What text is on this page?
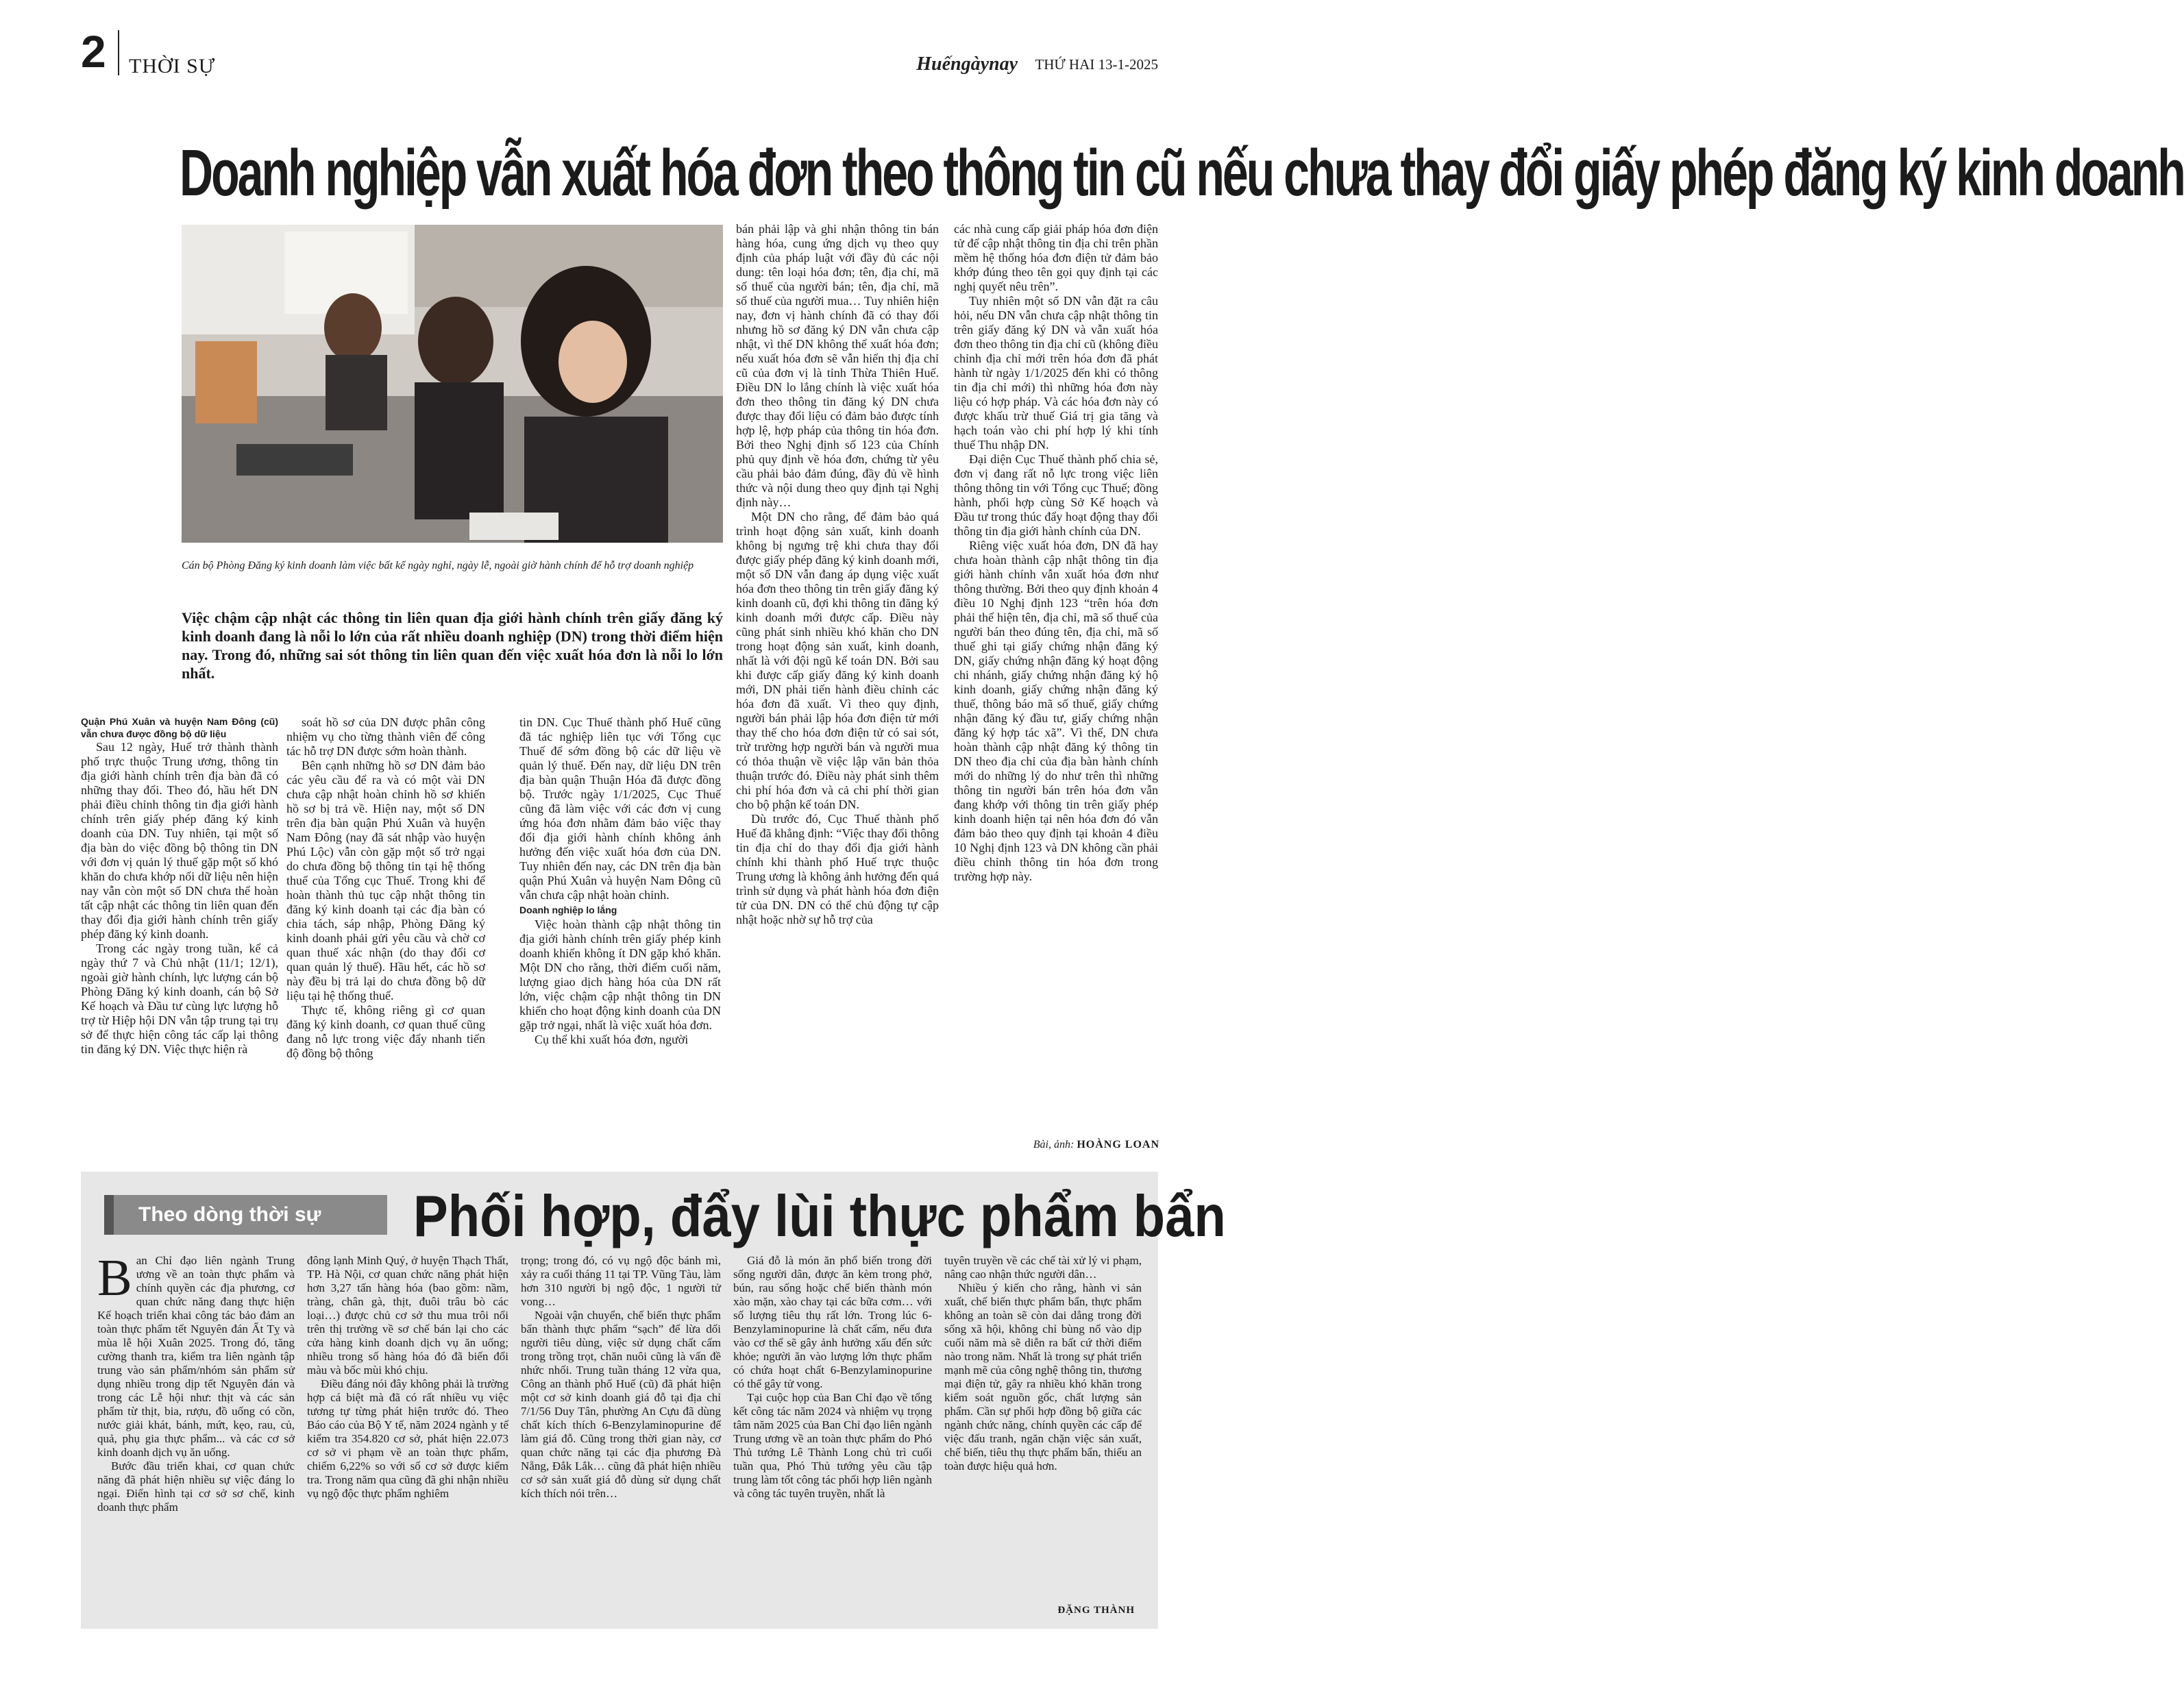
2 THỜI SỰ	Huếngàynay THỨ HAI 13-1-2025
Doanh nghiệp vẫn xuất hóa đơn theo thông tin cũ nếu chưa thay đổi giấy phép đăng ký kinh doanh
Cán bộ Phòng Đăng ký kinh doanh làm việc bất kể ngày nghỉ, ngày lễ, ngoài giờ hành chính để hỗ trợ doanh nghiệp
Việc chậm cập nhật các thông tin liên quan địa giới hành chính trên giấy đăng ký kinh doanh đang là nỗi lo lớn của rất nhiều doanh nghiệp (DN) trong thời điểm hiện nay. Trong đó, những sai sót thông tin liên quan đến việc xuất hóa đơn là nỗi lo lớn nhất.

Quận Phú Xuân và huyện Nam Đông (cũ) vẫn chưa được đồng bộ dữ liệu

Sau 12 ngày, Huế trở thành thành phố trực thuộc Trung ương, thông tin địa giới hành chính trên địa bàn đã có những thay đổi. Theo đó, hầu hết DN phải điều chỉnh thông tin địa giới hành chính trên giấy phép đăng ký kinh doanh của DN. Tuy nhiên, tại một số địa bàn do việc đồng bộ thông tin DN với đơn vị quản lý thuế gặp một số khó khăn do chưa khớp nối dữ liệu nên hiện nay vẫn còn một số DN chưa thể hoàn tất cập nhật các thông tin liên quan đến thay đổi địa giới hành chính trên giấy phép đăng ký kinh doanh.

Trong các ngày trong tuần, kể cả ngày thứ 7 và Chủ nhật (11/1; 12/1), ngoài giờ hành chính, lực lượng cán bộ Phòng Đăng ký kinh doanh, cán bộ Sở Kế hoạch và Đầu tư cùng lực lượng hỗ trợ từ Hiệp hội DN vẫn tập trung tại trụ sở để thực hiện công tác cấp lại thông tin đăng ký DN. Việc thực hiện rà

soát hồ sơ của DN được phân công nhiệm vụ cho từng thành viên để công tác hỗ trợ DN được sớm hoàn thành.

Bên cạnh những hồ sơ DN đảm bảo các yêu cầu để ra và có một vài DN chưa cập nhật hoàn chỉnh hồ sơ khiến hồ sơ bị trả về. Hiện nay, một số DN trên địa bàn quận Phú Xuân và huyện Nam Đông (nay đã sát nhập vào huyện Phú Lộc) vẫn còn gặp một số trở ngại do chưa đồng bộ thông tin tại hệ thống thuế của Tổng cục Thuế. Trong khi để hoàn thành thủ tục cập nhật thông tin đăng ký kinh doanh tại các địa bàn có chia tách, sáp nhập, Phòng Đăng ký kinh doanh phải gửi yêu cầu và chờ cơ quan thuế xác nhận (do thay đổi cơ quan quản lý thuế). Hầu hết, các hồ sơ này đều bị trả lại do chưa đồng bộ dữ liệu tại hệ thống thuế.

Thực tế, không riêng gì cơ quan đăng ký kinh doanh, cơ quan thuế cũng đang nỗ lực trong việc đẩy nhanh tiến độ đồng bộ thông

tin DN. Cục Thuế thành phố Huế cũng đã tác nghiệp liên tục với Tổng cục Thuế để sớm đồng bộ các dữ liệu về quản lý thuế. Đến nay, dữ liệu DN trên địa bàn quận Thuận Hóa đã được đồng bộ. Trước ngày 1/1/2025, Cục Thuế cũng đã làm việc với các đơn vị cung ứng hóa đơn nhằm đảm bảo việc thay đổi địa giới hành chính không ảnh hưởng đến việc xuất hóa đơn của DN. Tuy nhiên đến nay, các DN trên địa bàn quận Phú Xuân và huyện Nam Đông cũ vẫn chưa cập nhật hoàn chỉnh.

Doanh nghiệp lo lắng

Việc hoàn thành cập nhật thông tin địa giới hành chính trên giấy phép kinh doanh khiến không ít DN gặp khó khăn. Một DN cho rằng, thời điểm cuối năm, lượng giao dịch hàng hóa của DN rất lớn, việc chậm cập nhật thông tin DN khiến cho hoạt động kinh doanh của DN gặp trở ngại, nhất là việc xuất hóa đơn.

Cụ thể khi xuất hóa đơn, người

bán phải lập và ghi nhận thông tin bán hàng hóa, cung ứng dịch vụ theo quy định của pháp luật với đầy đủ các nội dung: tên loại hóa đơn; tên, địa chỉ, mã số thuế của người bán; tên, địa chỉ, mã số thuế của người mua… Tuy nhiên hiện nay, đơn vị hành chính đã có thay đổi nhưng hồ sơ đăng ký DN vẫn chưa cập nhật, vì thế DN không thể xuất hóa đơn; nếu xuất hóa đơn sẽ vẫn hiển thị địa chỉ cũ của đơn vị là tỉnh Thừa Thiên Huế. Điều DN lo lắng chính là việc xuất hóa đơn theo thông tin đăng ký DN chưa được thay đổi liệu có đảm bảo được tính hợp lệ, hợp pháp của thông tin hóa đơn. Bởi theo Nghị định số 123 của Chính phủ quy định về hóa đơn, chứng từ yêu cầu phải bảo đảm đúng, đầy đủ về hình thức và nội dung theo quy định tại Nghị định này…

Một DN cho rằng, để đảm bảo quá trình hoạt động sản xuất, kinh doanh không bị ngưng trệ khi chưa thay đổi được giấy phép đăng ký kinh doanh mới, một số DN vẫn đang áp dụng việc xuất hóa đơn theo thông tin trên giấy đăng ký kinh doanh cũ, đợi khi thông tin đăng ký kinh doanh mới được cấp. Điều này cũng phát sinh nhiều khó khăn cho DN trong hoạt động sản xuất, kinh doanh, nhất là với đội ngũ kế toán DN. Bởi sau khi được cấp giấy đăng ký kinh doanh mới, DN phải tiến hành điều chỉnh các hóa đơn đã xuất. Vì theo quy định, người bán phải lập hóa đơn điện tử mới thay thế cho hóa đơn điện tử có sai sót, trừ trường hợp người bán và người mua có thỏa thuận về việc lập văn bản thỏa thuận trước đó. Điều này phát sinh thêm chi phí hóa đơn và cả chi phí thời gian cho bộ phận kế toán DN.

Dù trước đó, Cục Thuế thành phố Huế đã khẳng định: “Việc thay đổi thông tin địa chỉ do thay đổi địa giới hành chính khi thành phố Huế trực thuộc Trung ương là không ảnh hưởng đến quá trình sử dụng và phát hành hóa đơn điện tử của DN. DN có thể chủ động tự cập nhật hoặc nhờ sự hỗ trợ của

các nhà cung cấp giải pháp hóa đơn điện tử để cập nhật thông tin địa chỉ trên phần mềm hệ thống hóa đơn điện tử đảm bảo khớp đúng theo tên gọi quy định tại các nghị quyết nêu trên”.

Tuy nhiên một số DN vẫn đặt ra câu hỏi, nếu DN vẫn chưa cập nhật thông tin trên giấy đăng ký DN và vẫn xuất hóa đơn theo thông tin địa chỉ cũ (không điều chỉnh địa chỉ mới trên hóa đơn đã phát hành từ ngày 1/1/2025 đến khi có thông tin địa chỉ mới) thì những hóa đơn này liệu có hợp pháp. Và các hóa đơn này có được khấu trừ thuế Giá trị gia tăng và hạch toán vào chi phí hợp lý khi tính thuế Thu nhập DN.

Đại diện Cục Thuế thành phố chia sẻ, đơn vị đang rất nỗ lực trong việc liên thông thông tin với Tổng cục Thuế; đồng hành, phối hợp cùng Sở Kế hoạch và Đầu tư trong thúc đẩy hoạt động thay đổi thông tin địa giới hành chính của DN.

Riêng việc xuất hóa đơn, DN đã hay chưa hoàn thành cập nhật thông tin địa giới hành chính vẫn xuất hóa đơn như thông thường. Bởi theo quy định khoản 4 điều 10 Nghị định 123 “trên hóa đơn phải thể hiện tên, địa chỉ, mã số thuế của người bán theo đúng tên, địa chỉ, mã số thuế ghi tại giấy chứng nhận đăng ký DN, giấy chứng nhận đăng ký hoạt động chi nhánh, giấy chứng nhận đăng ký hộ kinh doanh, giấy chứng nhận đăng ký thuế, thông báo mã số thuế, giấy chứng nhận đăng ký đầu tư, giấy chứng nhận đăng ký hợp tác xã”. Vì thế, DN chưa hoàn thành cập nhật đăng ký thông tin DN theo địa chỉ của địa bàn hành chính mới do những lý do như trên thì những thông tin người bán trên hóa đơn vẫn đang khớp với thông tin trên giấy phép kinh doanh hiện tại nên hóa đơn đó vẫn đảm bảo theo quy định tại khoản 4 điều 10 Nghị định 123 và DN không cần phải điều chỉnh thông tin hóa đơn trong trường hợp này.

Bài, ảnh: HOÀNG LOAN
Theo dòng thời sự	Phối hợp, đẩy lùi thực phẩm bẩn

Ban Chỉ đạo liên ngành Trung ương về an toàn thực phẩm và chính quyền các địa phương, cơ quan chức năng đang thực hiện Kế hoạch triển khai công tác bảo đảm an toàn thực phẩm tết Nguyên đán Ất Tỵ và mùa lễ hội Xuân 2025. Trong đó, tăng cường thanh tra, kiểm tra liên ngành tập trung vào sản phẩm/nhóm sản phẩm sử dụng nhiều trong dịp tết Nguyên đán và trong các Lễ hội như: thịt và các sản phẩm từ thịt, bia, rượu, đồ uống có cồn, nước giải khát, bánh, mứt, kẹo, rau, củ, quả, phụ gia thực phẩm... và các cơ sở kinh doanh dịch vụ ăn uống.

Bước đầu triển khai, cơ quan chức năng đã phát hiện nhiều sự việc đáng lo ngại. Điển hình tại cơ sở sơ chế, kinh doanh thực phẩm

đông lạnh Minh Quý, ở huyện Thạch Thất, TP. Hà Nội, cơ quan chức năng phát hiện hơn 3,27 tấn hàng hóa (bao gồm: nầm, tràng, chân gà, thịt, đuôi trâu bò các loại…) được chủ cơ sở thu mua trôi nổi trên thị trường về sơ chế bán lại cho các cửa hàng kinh doanh dịch vụ ăn uống; nhiều trong số hàng hóa đó đã biến đổi màu và bốc mùi khó chịu.

Điều đáng nói đây không phải là trường hợp cá biệt mà đã có rất nhiều vụ việc tương tự từng phát hiện trước đó. Theo Báo cáo của Bộ Y tế, năm 2024 ngành y tế kiểm tra 354.820 cơ sở, phát hiện 22.073 cơ sở vi phạm về an toàn thực phẩm, chiếm 6,22% so với số cơ sở được kiểm tra. Trong năm qua cũng đã ghi nhận nhiều vụ ngộ độc thực phẩm nghiêm

trọng; trong đó, có vụ ngộ độc bánh mì, xảy ra cuối tháng 11 tại TP. Vũng Tàu, làm hơn 310 người bị ngộ độc, 1 người tử vong…

Ngoài vận chuyển, chế biến thực phẩm bẩn thành thực phẩm “sạch” để lừa dối người tiêu dùng, việc sử dụng chất cấm trong trồng trọt, chăn nuôi cũng là vấn đề nhức nhối. Trung tuần tháng 12 vừa qua, Công an thành phố Huế (cũ) đã phát hiện một cơ sở kinh doanh giá đỗ tại địa chỉ 7/1/56 Duy Tân, phường An Cựu đã dùng chất kích thích 6-Benzylaminopurine để làm giá đỗ. Cũng trong thời gian này, cơ quan chức năng tại các địa phương Đà Nẵng, Đắk Lắk… cũng đã phát hiện nhiều cơ sở sản xuất giá đỗ dùng sử dụng chất kích thích nói trên…

Giá đỗ là món ăn phổ biến trong đời sống người dân, được ăn kèm trong phở, bún, rau sống hoặc chế biến thành món xào mặn, xào chay tại các bữa cơm… với số lượng tiêu thụ rất lớn. Trong lúc 6-Benzylaminopurine là chất cấm, nếu đưa vào cơ thể sẽ gây ảnh hưởng xấu đến sức khỏe; người ăn vào lượng lớn thực phẩm có chứa hoạt chất 6-Benzylaminopurine có thể gây tử vong.

Tại cuộc họp của Ban Chỉ đạo về tổng kết công tác năm 2024 và nhiệm vụ trọng tâm năm 2025 của Ban Chỉ đạo liên ngành Trung ương về an toàn thực phẩm do Phó Thủ tướng Lê Thành Long chủ trì cuối tuần qua, Phó Thủ tướng yêu cầu tập trung làm tốt công tác phối hợp liên ngành và công tác tuyên truyền, nhất là

tuyên truyền về các chế tài xử lý vi phạm, nâng cao nhận thức người dân…

Nhiều ý kiến cho rằng, hành vi sản xuất, chế biến thực phẩm bẩn, thực phẩm không an toàn sẽ còn dai dẳng trong đời sống xã hội, không chỉ bùng nổ vào dịp cuối năm mà sẽ diễn ra bất cứ thời điểm nào trong năm. Nhất là trong sự phát triển mạnh mẽ của công nghệ thông tin, thương mại điện tử, gây ra nhiều khó khăn trong kiểm soát nguồn gốc, chất lượng sản phẩm. Cần sự phối hợp đồng bộ giữa các ngành chức năng, chính quyền các cấp để việc đấu tranh, ngăn chặn việc sản xuất, chế biến, tiêu thụ thực phẩm bẩn, thiếu an toàn được hiệu quả hơn.

ĐẶNG THÀNH
